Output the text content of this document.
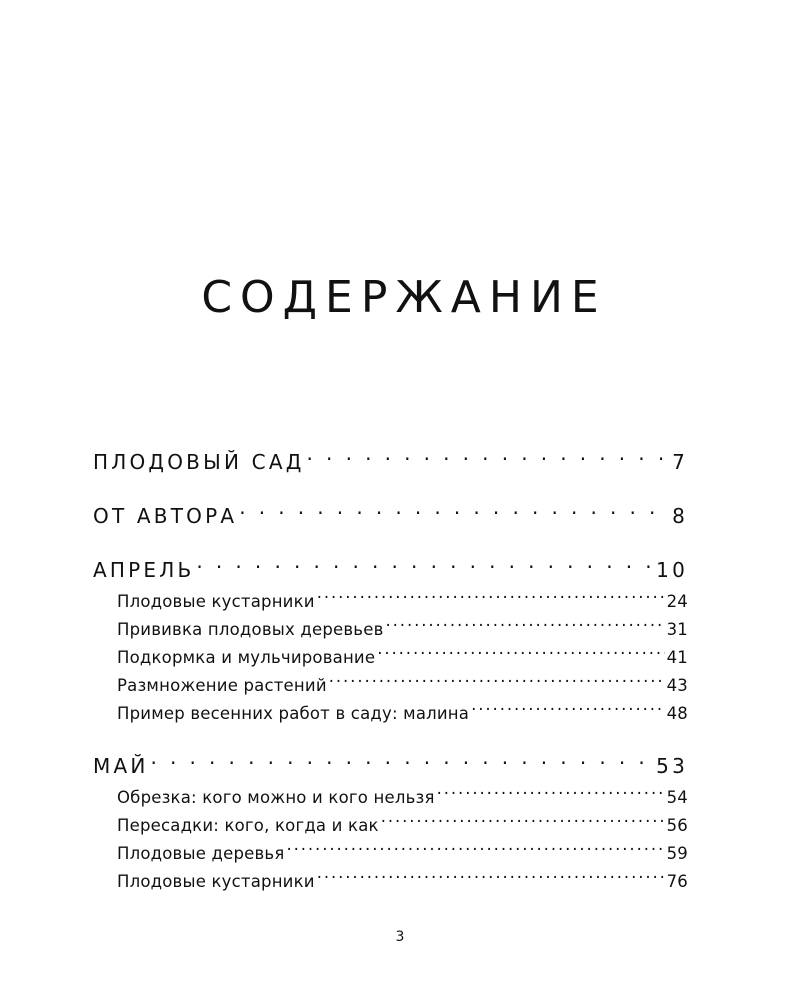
СОДЕРЖАНИЕ
ПЛОДОВЫЙ САД . . .	7
ОТ АВТОРА . . .	8
АПРЕЛЬ . . .	10
Плодовые кустарники .....	24
Прививка плодовых деревьев .....	31
Подкормка и мульчирование .....	41
Размножение растений .....	43
Пример весенних работ в саду: малина .....	48
МАЙ . . .	53
Обрезка: кого можно и кого нельзя .....	54
Пересадки: кого, когда и как .....	56
Плодовые деревья .....	59
Плодовые кустарники .....	76
3
